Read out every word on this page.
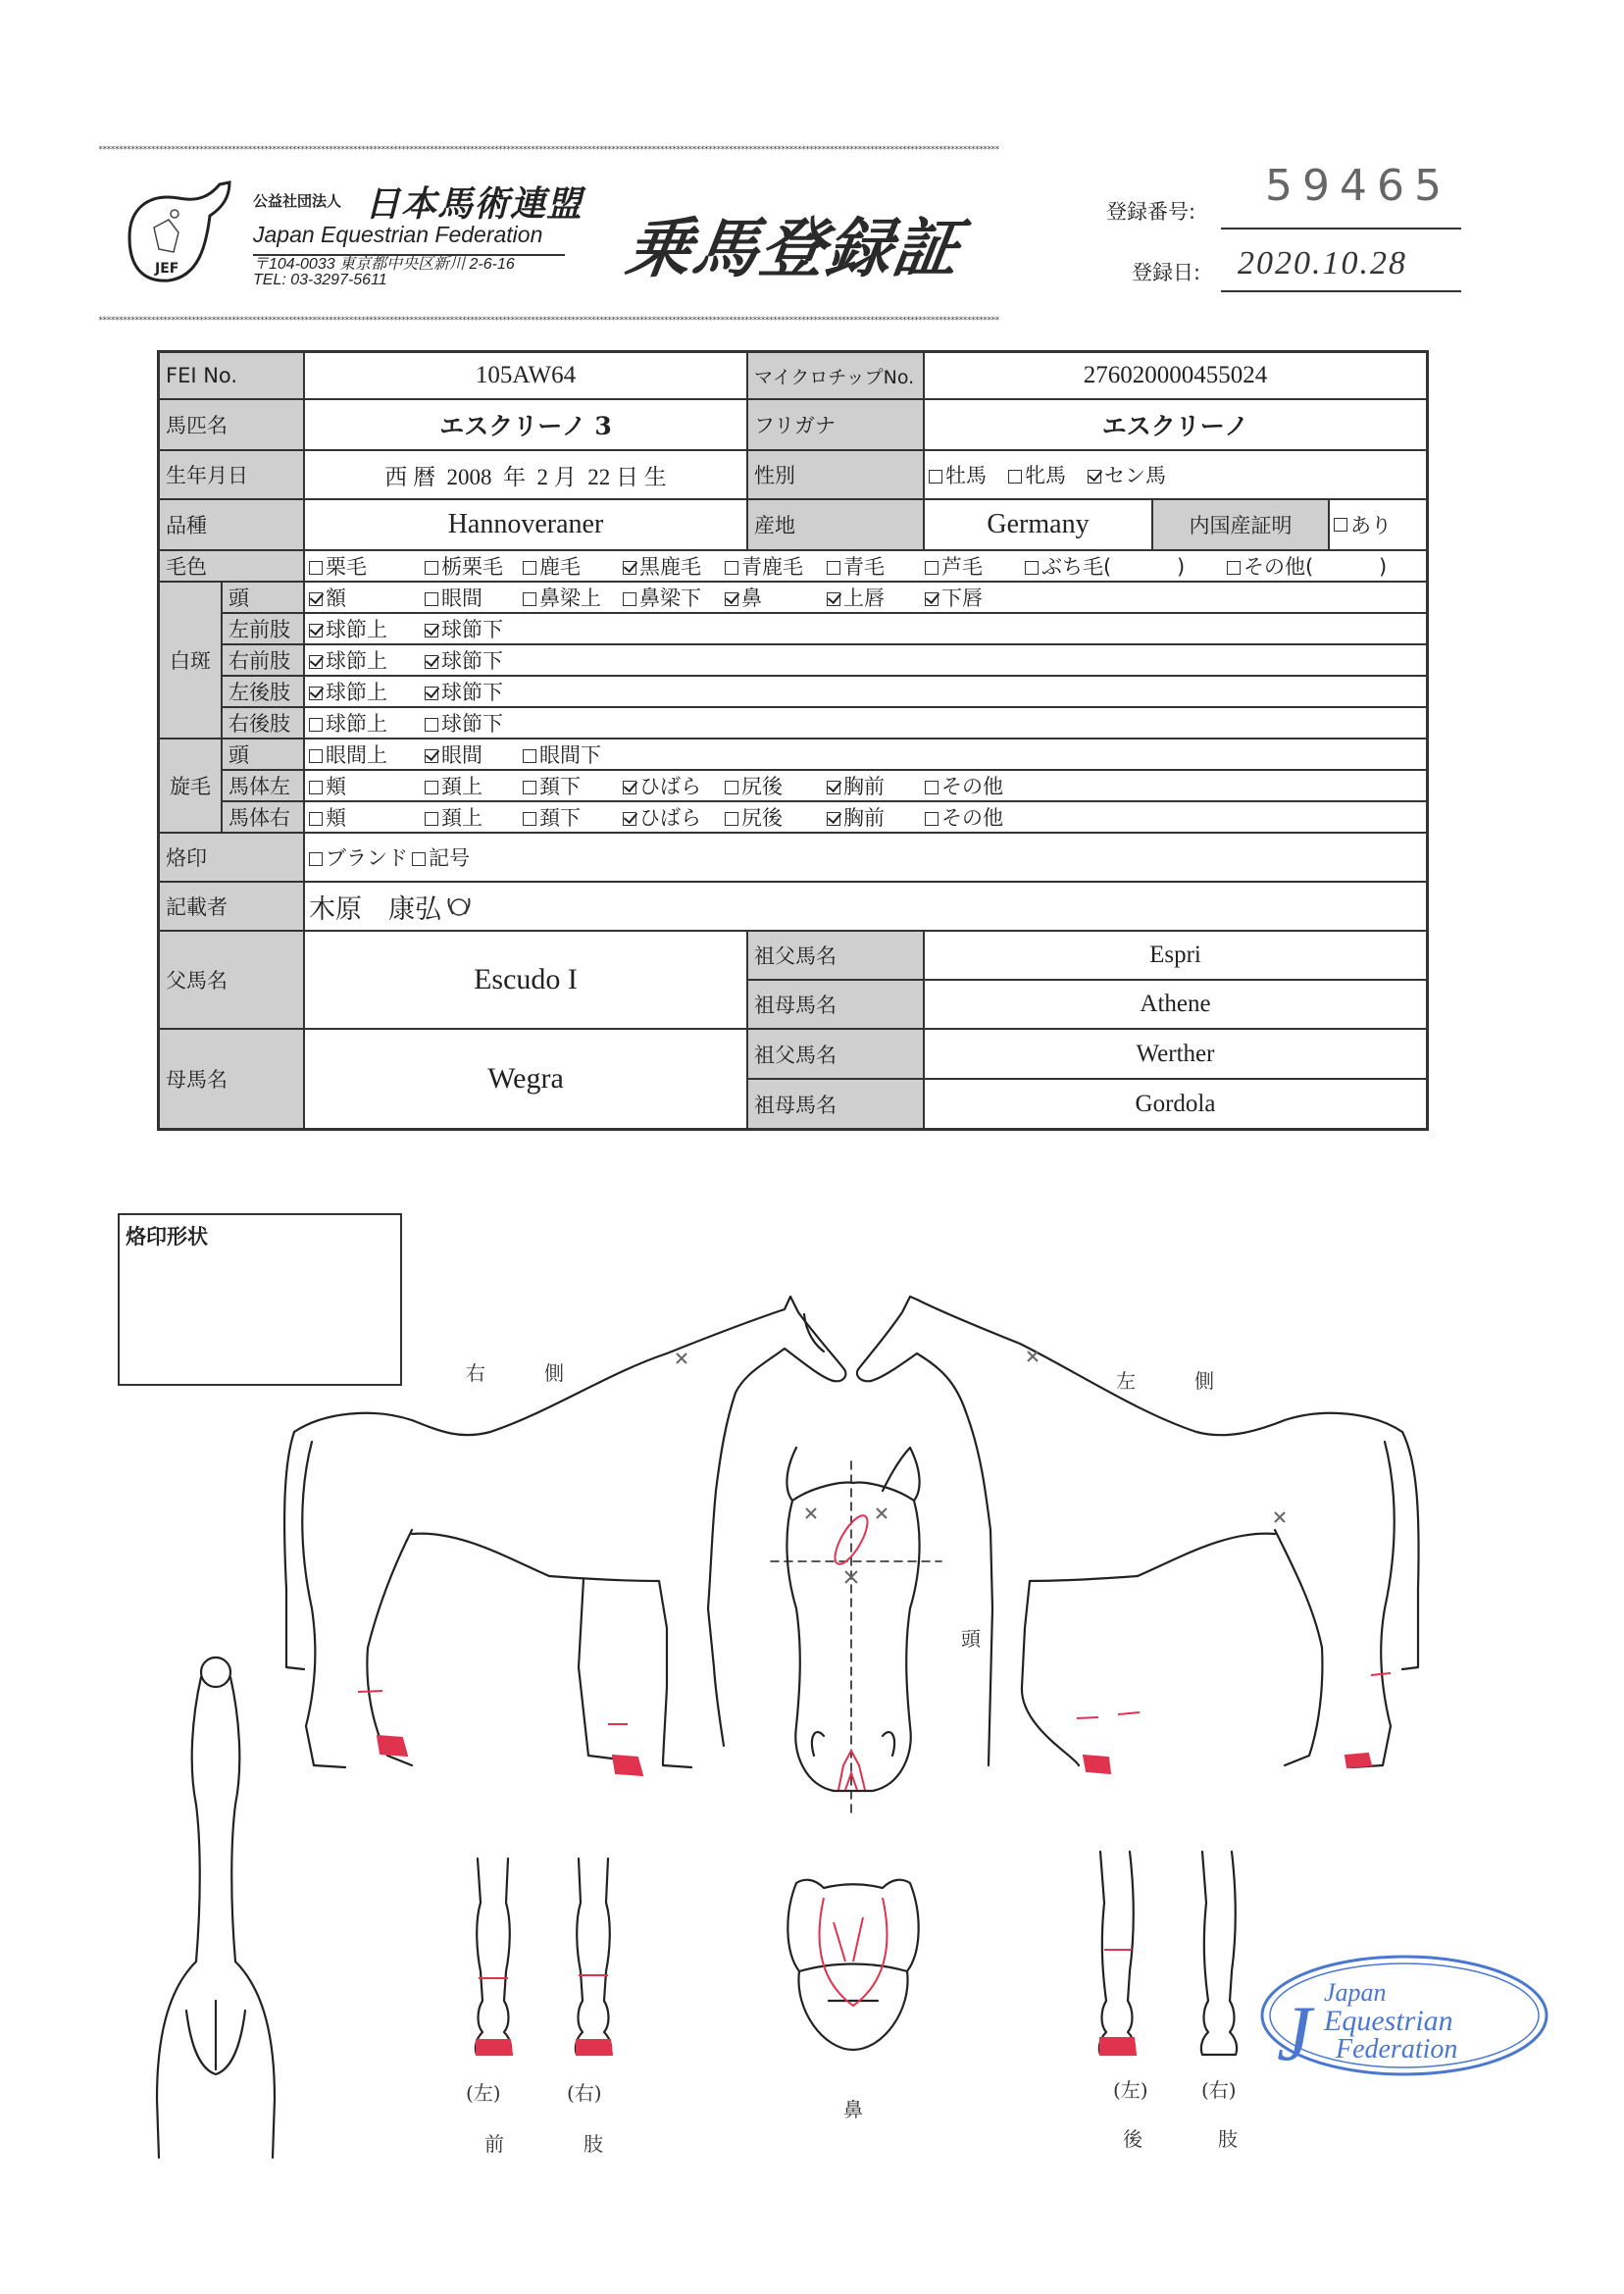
*******************************************************************************************************************************************************************************************************************************
JEF
公益社団法人 日本馬術連盟
Japan Equestrian Federation
〒104-0033 東京都中央区新川 2-6-16
TEL: 03-3297-5611	乗馬登録証	登録番号:
59465
登録日: 2020.10.28
*******************************************************************************************************************************************************************************************************************************
FEI No.	105AW64	マイクロチップNo.	276020000455024
馬匹名	エスクリーノ 3	フリガナ	エスクリーノ
生年月日	西 暦  2008  年  2 月  22 日 生	性別	牡馬	牝馬	セン馬
品種	Hannoveraner	産地	Germany	内国産証明	あり
毛色	栗毛	栃栗毛	鹿毛	黒鹿毛	青鹿毛	青毛	芦毛	ぶち毛(          )	その他(          )
白斑
頭	額	眼間	鼻梁上	鼻梁下	鼻	上唇	下唇
左前肢	球節上	球節下
右前肢	球節上	球節下
左後肢	球節上	球節下
右後肢	球節上	球節下
旋毛
頭	眼間上	眼間	眼間下
馬体左	頬	頚上	頚下	ひばら	尻後	胸前	その他
馬体右	頬	頚上	頚下	ひばら	尻後	胸前	その他
烙印	ブランド	記号
記載者	木原　康弘
父馬名	Escudo I
祖父馬名	Espri
祖母馬名	Athene
母馬名	Wegra
祖父馬名	Werther
祖母馬名	Gordola
烙印形状
右　　　側	左　　　側
頭
鼻
(左)	(右)
前	肢
(左)	(右)
後	肢
J Japan
Equestrian
Federation
